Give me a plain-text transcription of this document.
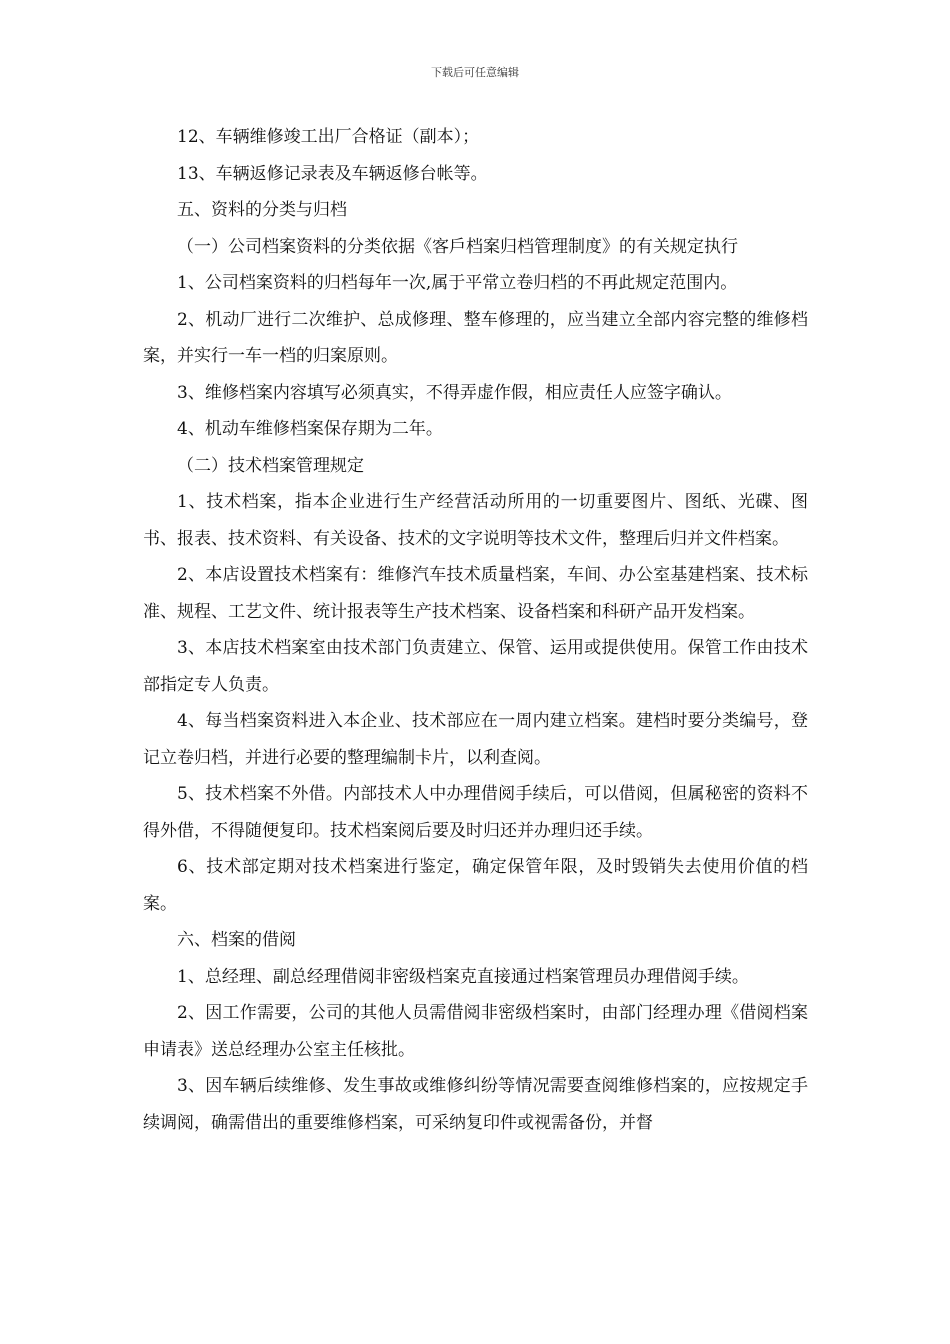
下载后可任意编辑

12、车辆维修竣工出厂合格证（副本）；

13、车辆返修记录表及车辆返修台帐等。

五、资料的分类与归档

（一）公司档案资料的分类依据《客戶档案归档管理制度》的有关规定执行

1、公司档案资料的归档每年一次,属于平常立卷归档的不再此规定范围内。

2、机动厂进行二次维护、总成修理、整车修理的，应当建立全部内容完整的维修档案，并实行一车一档的归案原则。

3、维修档案内容填写必须真实，不得弄虚作假，相应责任人应签字确认。

4、机动车维修档案保存期为二年。

（二）技术档案管理规定

1、技术档案，指本企业进行生产经营活动所用的一切重要图片、图纸、光碟、图书、报表、技术资料、有关设备、技术的文字说明等技术文件，整理后归并文件档案。

2、本店设置技术档案有：维修汽车技术质量档案，车间、办公室基建档案、技术标准、规程、工艺文件、统计报表等生产技术档案、设备档案和科研产品开发档案。

3、本店技术档案室由技术部门负责建立、保管、运用或提供使用。保管工作由技术部指定专人负责。

4、每当档案资料进入本企业、技术部应在一周内建立档案。建档时要分类编号，登记立卷归档，并进行必要的整理编制卡片，以利查阅。

5、技术档案不外借。内部技术人中办理借阅手续后，可以借阅，但属秘密的资料不得外借，不得随便复印。技术档案阅后要及时归还并办理归还手续。

6、技术部定期对技术档案进行鉴定，确定保管年限，及时毁销失去使用价值的档案。

六、档案的借阅

1、总经理、副总经理借阅非密级档案克直接通过档案管理员办理借阅手续。

2、因工作需要，公司的其他人员需借阅非密级档案时，由部门经理办理《借阅档案申请表》送总经理办公室主任核批。

3、因车辆后续维修、发生事故或维修纠纷等情况需要查阅维修档案的，应按规定手续调阅，确需借出的重要维修档案，可采纳复印件或视需备份，并督
